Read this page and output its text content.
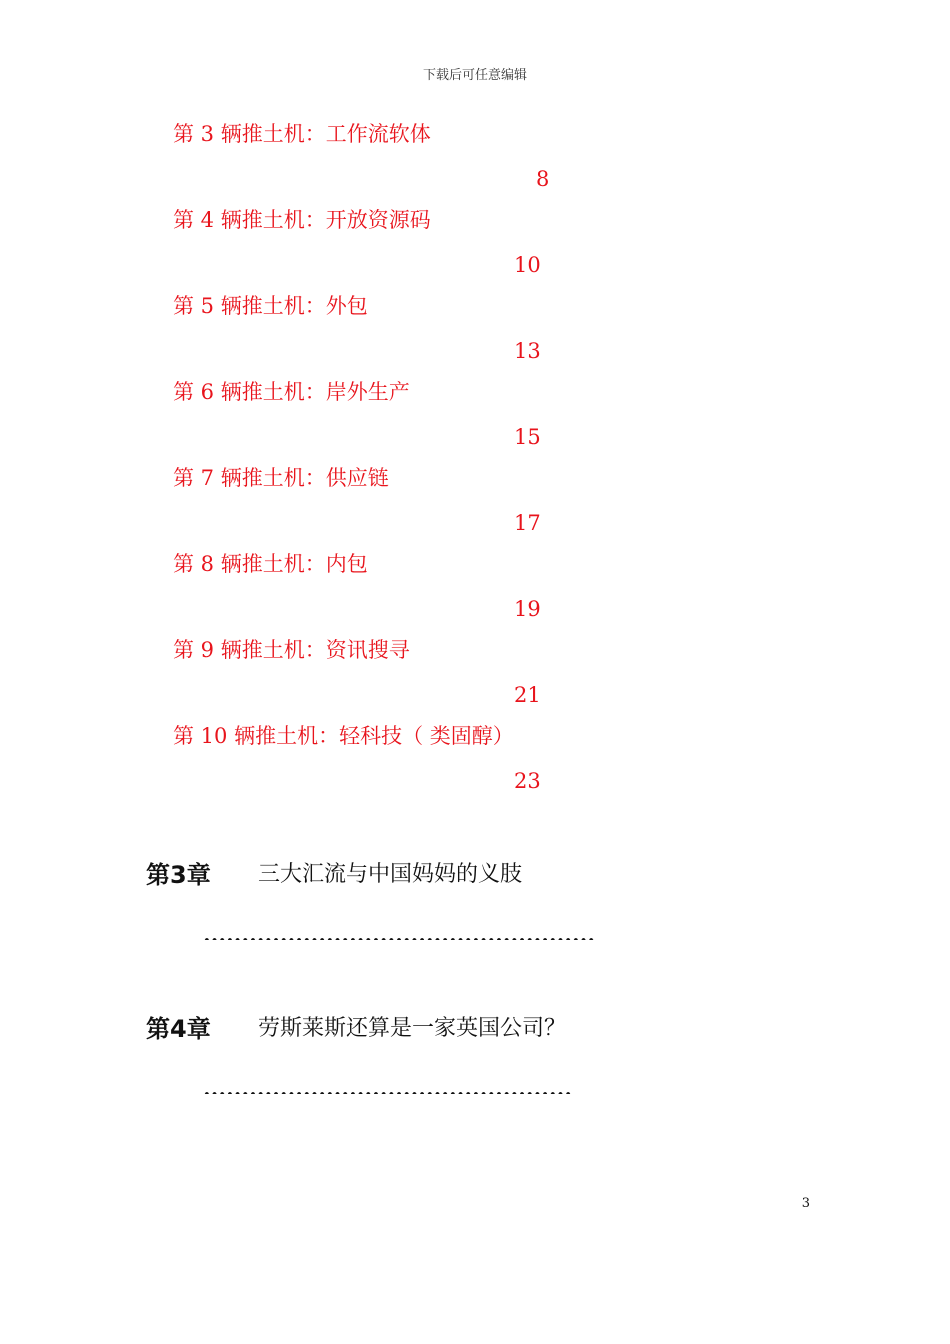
下载后可任意编辑
第 3 辆推土机：工作流软体
8
第 4 辆推土机：开放资源码
10
第 5 辆推土机：外包
13
第 6 辆推土机：岸外生产
15
第 7 辆推土机：供应链
17
第 8 辆推土机：内包
19
第 9 辆推土机：资讯搜寻
21
第 10 辆推土机：轻科技（ 类固醇）
23
第3章 三大汇流与中国妈妈的义肢
第4章 劳斯莱斯还算是一家英国公司？
3
